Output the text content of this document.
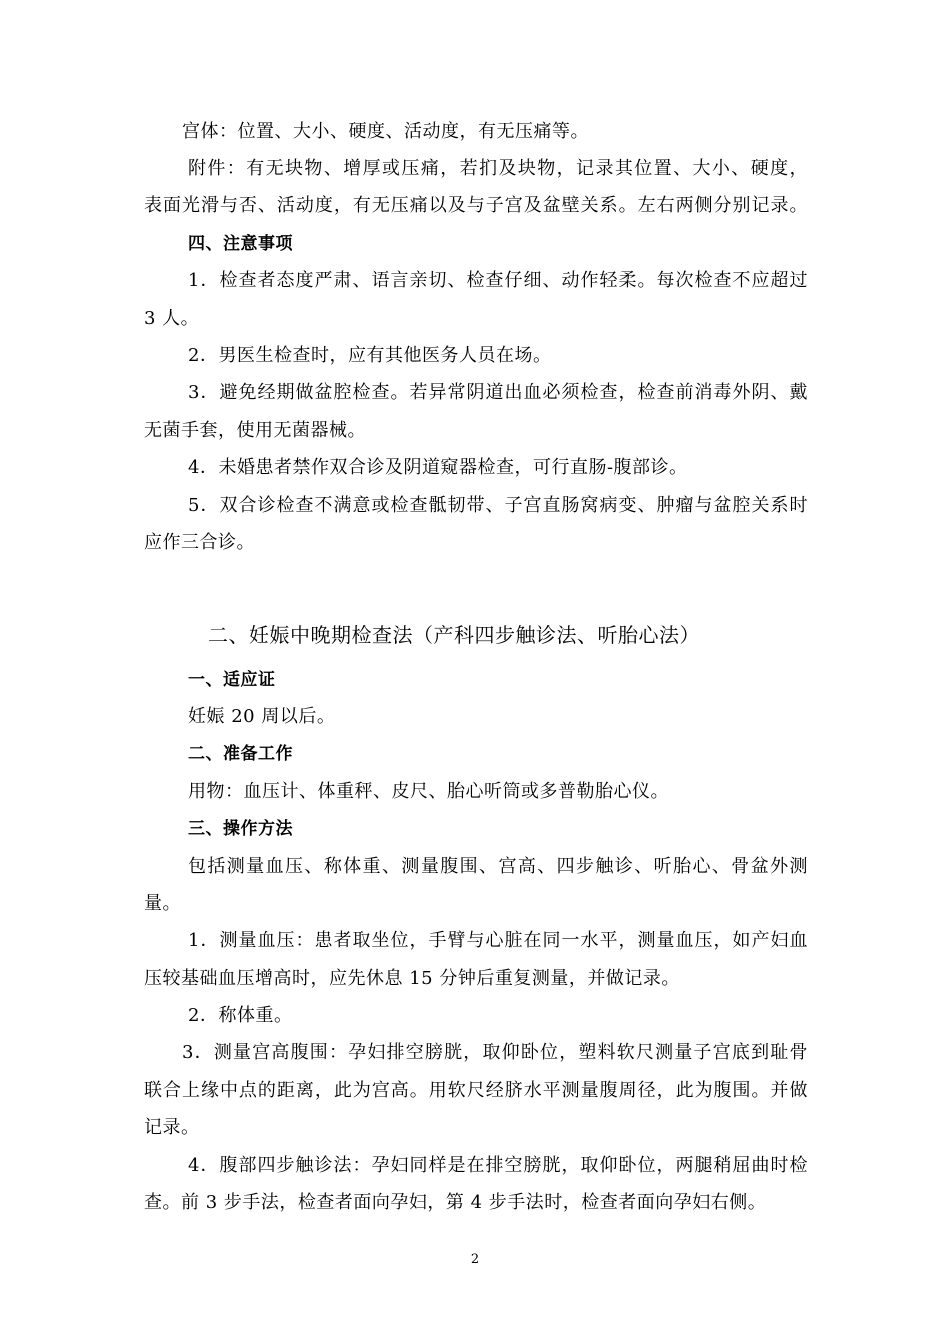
宫体：位置、大小、硬度、活动度，有无压痛等。
附件：有无块物、增厚或压痛，若扪及块物，记录其位置、大小、硬度，
表面光滑与否、活动度，有无压痛以及与子宫及盆壁关系。左右两侧分别记录。
四、注意事项
1．检查者态度严肃、语言亲切、检查仔细、动作轻柔。每次检查不应超过
3 人。
2．男医生检查时，应有其他医务人员在场。
3．避免经期做盆腔检查。若异常阴道出血必须检查，检查前消毒外阴、戴
无菌手套，使用无菌器械。
4．未婚患者禁作双合诊及阴道窥器检查，可行直肠-腹部诊。
5．双合诊检查不满意或检查骶韧带、子宫直肠窝病变、肿瘤与盆腔关系时
应作三合诊。
二、妊娠中晚期检查法（产科四步触诊法、听胎心法）
一、适应证
妊娠 20 周以后。
二、准备工作
用物：血压计、体重秤、皮尺、胎心听筒或多普勒胎心仪。
三、操作方法
包括测量血压、称体重、测量腹围、宫高、四步触诊、听胎心、骨盆外测
量。
1．测量血压：患者取坐位，手臂与心脏在同一水平，测量血压，如产妇血
压较基础血压增高时，应先休息 15 分钟后重复测量，并做记录。
2．称体重。
3．测量宫高腹围：孕妇排空膀胱，取仰卧位，塑料软尺测量子宫底到耻骨
联合上缘中点的距离，此为宫高。用软尺经脐水平测量腹周径，此为腹围。并做
记录。
4．腹部四步触诊法：孕妇同样是在排空膀胱，取仰卧位，两腿稍屈曲时检
查。前 3 步手法，检查者面向孕妇，第 4 步手法时，检查者面向孕妇右侧。
2
